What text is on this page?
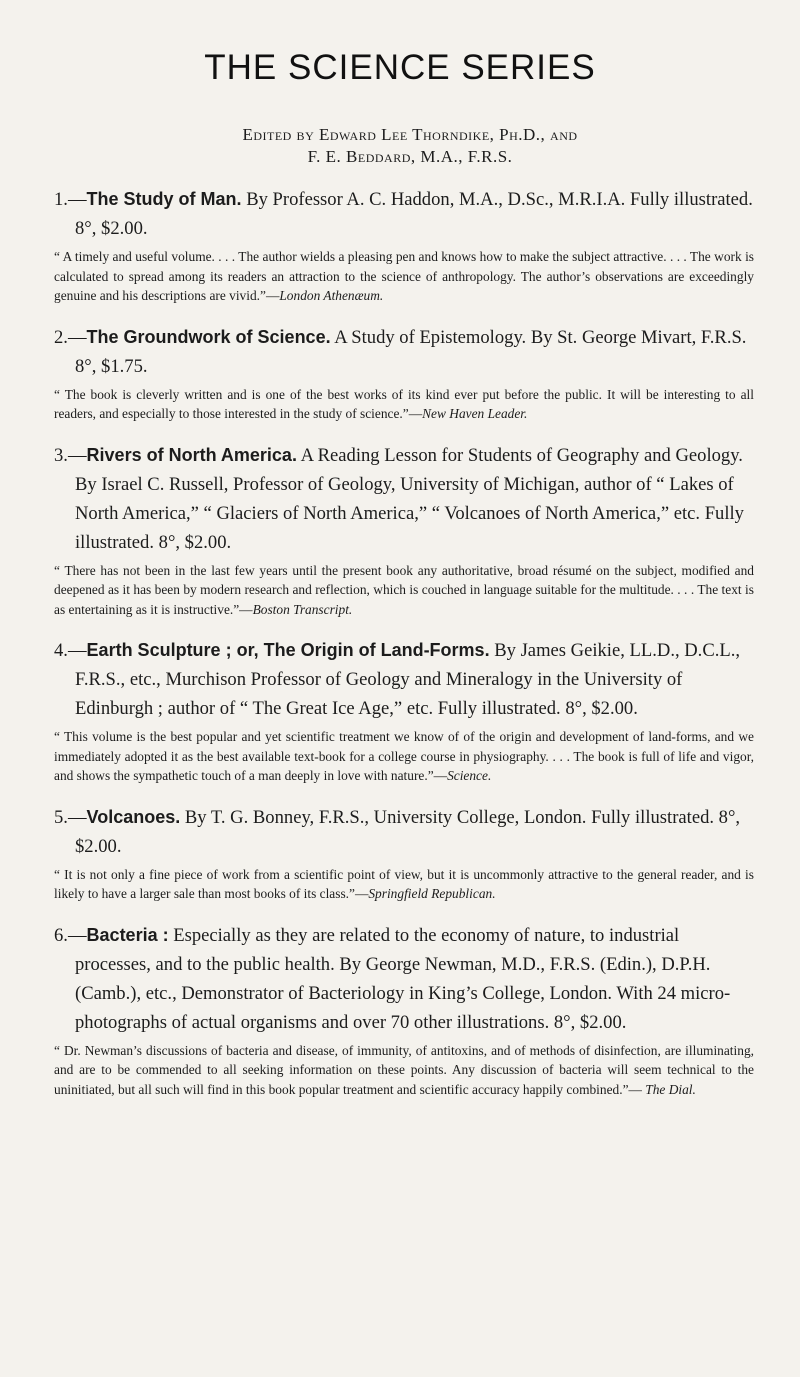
THE SCIENCE SERIES
Edited by Edward Lee Thorndike, Ph.D., and
F. E. Beddard, M.A., F.R.S.
1.—The Study of Man. By Professor A. C. Haddon, M.A., D.Sc., M.R.I.A. Fully illustrated. 8°, $2.00.
“ A timely and useful volume. . . . The author wields a pleasing pen and knows how to make the subject attractive. . . . The work is calculated to spread among its readers an attraction to the science of anthropology. The author’s observations are exceedingly genuine and his descriptions are vivid.”—London Athenæum.
2.—The Groundwork of Science. A Study of Epistemology. By St. George Mivart, F.R.S. 8°, $1.75.
“ The book is cleverly written and is one of the best works of its kind ever put before the public. It will be interesting to all readers, and especially to those interested in the study of science.”—New Haven Leader.
3.—Rivers of North America. A Reading Lesson for Students of Geography and Geology. By Israel C. Russell, Professor of Geology, University of Michigan, author of “ Lakes of North America,” “ Glaciers of North America,” “ Volcanoes of North America,” etc. Fully illustrated. 8°, $2.00.
“ There has not been in the last few years until the present book any authoritative, broad résumé on the subject, modified and deepened as it has been by modern research and reflection, which is couched in language suitable for the multitude. . . . The text is as entertaining as it is instructive.”—Boston Transcript.
4.—Earth Sculpture ; or, The Origin of Land-Forms. By James Geikie, LL.D., D.C.L., F.R.S., etc., Murchison Professor of Geology and Mineralogy in the University of Edinburgh ; author of “ The Great Ice Age,” etc. Fully illustrated. 8°, $2.00.
“ This volume is the best popular and yet scientific treatment we know of of the origin and development of land-forms, and we immediately adopted it as the best available text-book for a college course in physiography. . . . The book is full of life and vigor, and shows the sympathetic touch of a man deeply in love with nature.”—Science.
5.—Volcanoes. By T. G. Bonney, F.R.S., University College, London. Fully illustrated. 8°, $2.00.
“ It is not only a fine piece of work from a scientific point of view, but it is uncommonly attractive to the general reader, and is likely to have a larger sale than most books of its class.”—Springfield Republican.
6.—Bacteria : Especially as they are related to the economy of nature, to industrial processes, and to the public health. By George Newman, M.D., F.R.S. (Edin.), D.P.H. (Camb.), etc., Demonstrator of Bacteriology in King’s College, London. With 24 micro-photographs of actual organisms and over 70 other illustrations. 8°, $2.00.
“ Dr. Newman’s discussions of bacteria and disease, of immunity, of antitoxins, and of methods of disinfection, are illuminating, and are to be commended to all seeking information on these points. Any discussion of bacteria will seem technical to the uninitiated, but all such will find in this book popular treatment and scientific accuracy happily combined.”— The Dial.
